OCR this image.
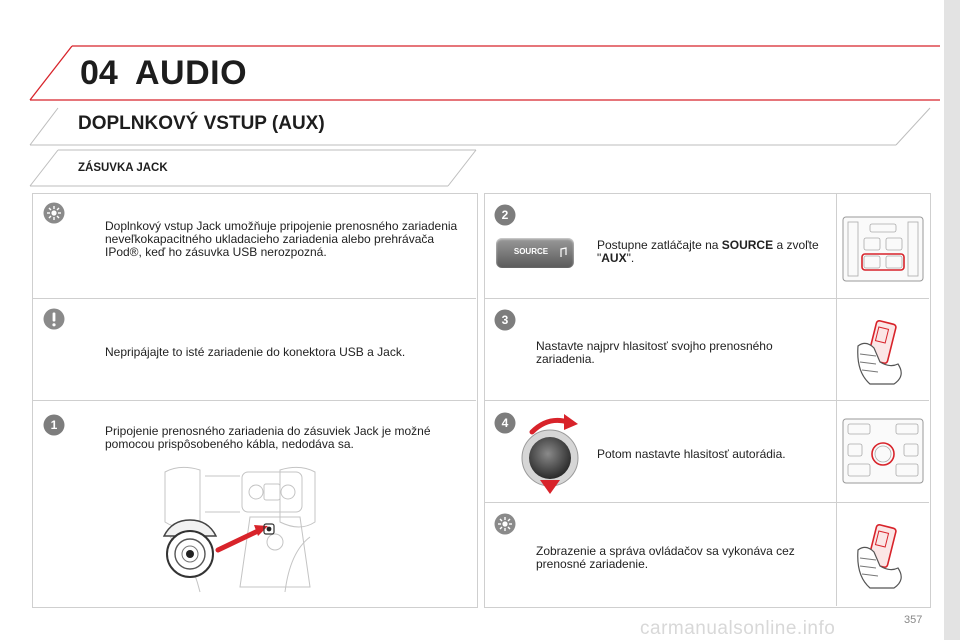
04 AUDIO
DOPLNKOVÝ VSTUP (AUX)
ZÁSUVKA JACK
Doplnkový vstup Jack umožňuje pripojenie prenosného zariadenia neveľkokapacitného ukladacieho zariadenia alebo prehrávača IPod®, keď ho zásuvka USB nerozpozná.
Nepripájajte to isté zariadenie do konektora USB a Jack.
1	Pripojenie prenosného zariadenia do zásuviek Jack je možné pomocou prispôsobeného kábla, nedodáva sa.
2
SOURCE	Postupne zatláčajte na SOURCE a zvoľte "AUX".
3
Nastavte najprv hlasitosť svojho prenosného zariadenia.
4
Potom nastavte hlasitosť autorádia.
Zobrazenie a správa ovládačov sa vykonáva cez prenosné zariadenie.
carmanualsonline.info	357
